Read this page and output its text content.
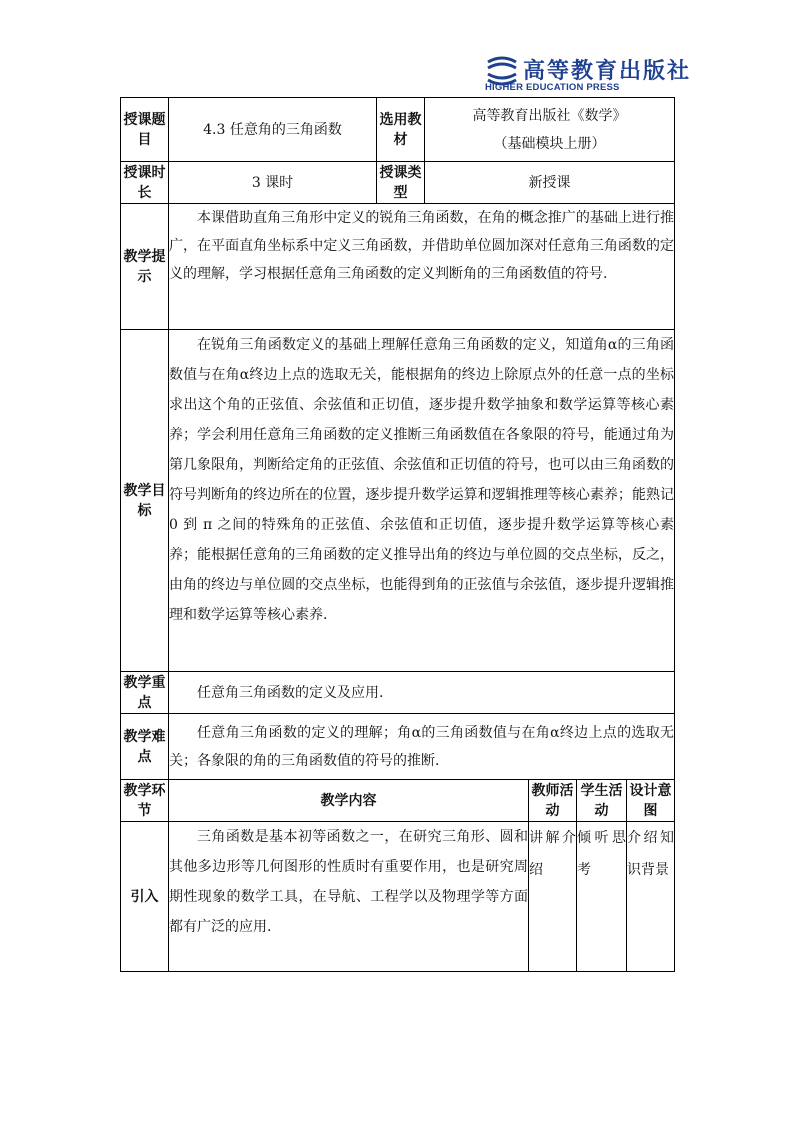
高等教育出版社
HIGHER EDUCATION PRESS
授课题目	4.3 任意角的三角函数	选用教材	高等教育出版社《数学》
（基础模块上册）			

授课时长	3 课时	授课类型	新授课			
教学提示	本课借助直角三角形中定义的锐角三角函数，在角的概念推广的基础上进行推广，在平面直角坐标系中定义三角函数，并借助单位圆加深对任意角三角函数的定义的理解，学习根据任意角三角函数的定义判断角的三角函数值的符号.					
教学目标	在锐角三角函数定义的基础上理解任意角三角函数的定义，知道角α的三角函数值与在角α终边上点的选取无关，能根据角的终边上除原点外的任意一点的坐标求出这个角的正弦值、余弦值和正切值，逐步提升数学抽象和数学运算等核心素养；学会利用任意角三角函数的定义推断三角函数值在各象限的符号，能通过角为第几象限角，判断给定角的正弦值、余弦值和正切值的符号，也可以由三角函数的符号判断角的终边所在的位置，逐步提升数学运算和逻辑推理等核心素养；能熟记 0 到 π 之间的特殊角的正弦值、余弦值和正切值，逐步提升数学运算等核心素养；能根据任意角的三角函数的定义推导出角的终边与单位圆的交点坐标，反之，由角的终边与单位圆的交点坐标，也能得到角的正弦值与余弦值，逐步提升逻辑推理和数学运算等核心素养.					
教学重点	任意角三角函数的定义及应用.					
教学难点	任意角三角函数的定义的理解；角α的三角函数值与在角α终边上点的选取无关；各象限的角的三角函数值的符号的推断.					
教学环节	教学内容			教师活动	学生活动	设计意图
引入	三角函数是基本初等函数之一，在研究三角形、圆和其他多边形等几何图形的性质时有重要作用，也是研究周期性现象的数学工具，在导航、工程学以及物理学等方面都有广泛的应用.			讲解介绍	倾听思考	介绍知识背景
